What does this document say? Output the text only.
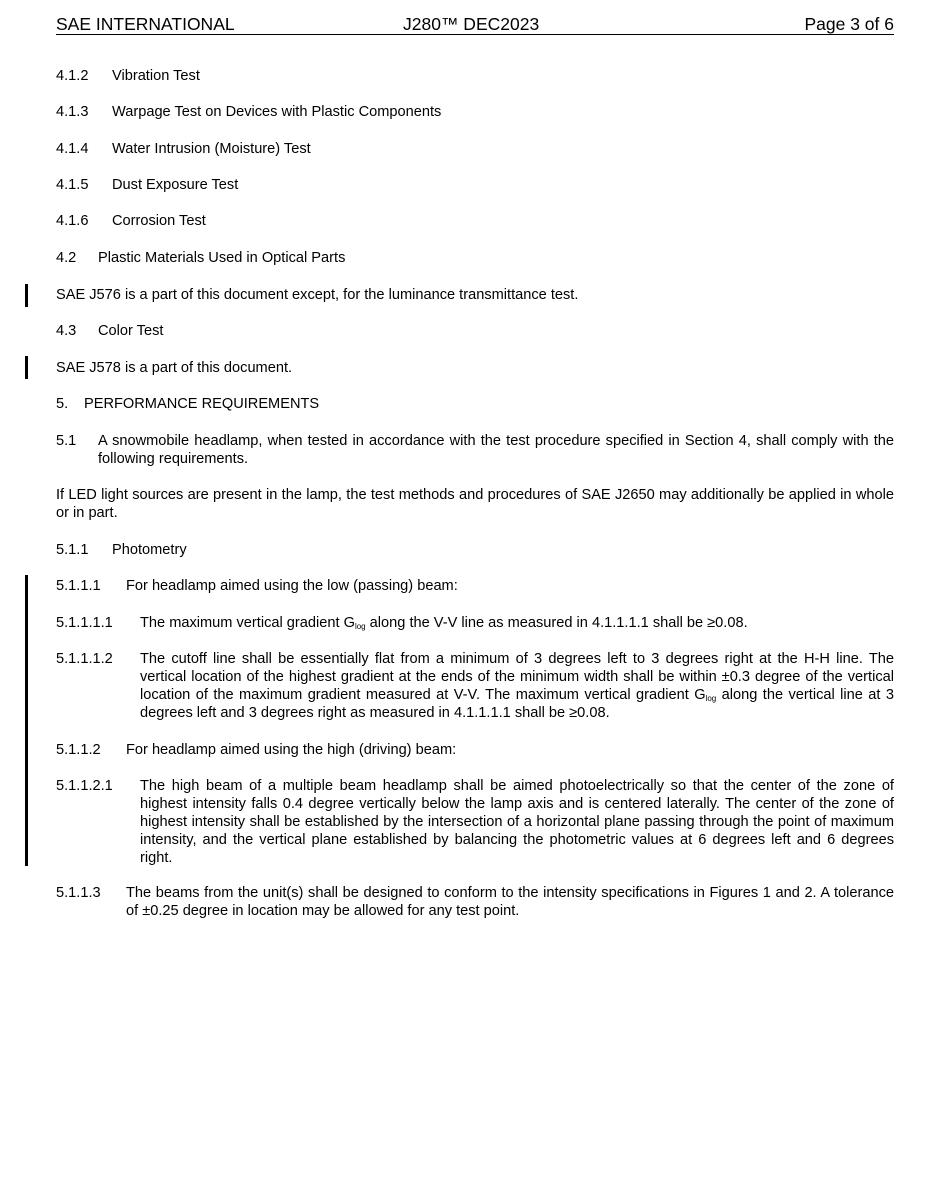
SAE INTERNATIONAL	J280™ DEC2023	Page 3 of 6
4.1.2 Vibration Test
4.1.3 Warpage Test on Devices with Plastic Components
4.1.4 Water Intrusion (Moisture) Test
4.1.5 Dust Exposure Test
4.1.6 Corrosion Test
4.2 Plastic Materials Used in Optical Parts
SAE J576 is a part of this document except, for the luminance transmittance test.
4.3 Color Test
SAE J578 is a part of this document.
5. PERFORMANCE REQUIREMENTS
5.1 A snowmobile headlamp, when tested in accordance with the test procedure specified in Section 4, shall comply with the following requirements.
If LED light sources are present in the lamp, the test methods and procedures of SAE J2650 may additionally be applied in whole or in part.
5.1.1 Photometry
5.1.1.1 For headlamp aimed using the low (passing) beam:
5.1.1.1.1 The maximum vertical gradient $G_{log}$ along the V-V line as measured in 4.1.1.1.1 shall be ≥0.08.
5.1.1.1.2 The cutoff line shall be essentially flat from a minimum of 3 degrees left to 3 degrees right at the H-H line. The vertical location of the highest gradient at the ends of the minimum width shall be within ±0.3 degree of the vertical location of the maximum gradient measured at V-V. The maximum vertical gradient $G_{log}$ along the vertical line at 3 degrees left and 3 degrees right as measured in 4.1.1.1.1 shall be ≥0.08.
5.1.1.2 For headlamp aimed using the high (driving) beam:
5.1.1.2.1 The high beam of a multiple beam headlamp shall be aimed photoelectrically so that the center of the zone of highest intensity falls 0.4 degree vertically below the lamp axis and is centered laterally. The center of the zone of highest intensity shall be established by the intersection of a horizontal plane passing through the point of maximum intensity, and the vertical plane established by balancing the photometric values at 6 degrees left and 6 degrees right.
5.1.1.3 The beams from the unit(s) shall be designed to conform to the intensity specifications in Figures 1 and 2. A tolerance of ±0.25 degree in location may be allowed for any test point.
